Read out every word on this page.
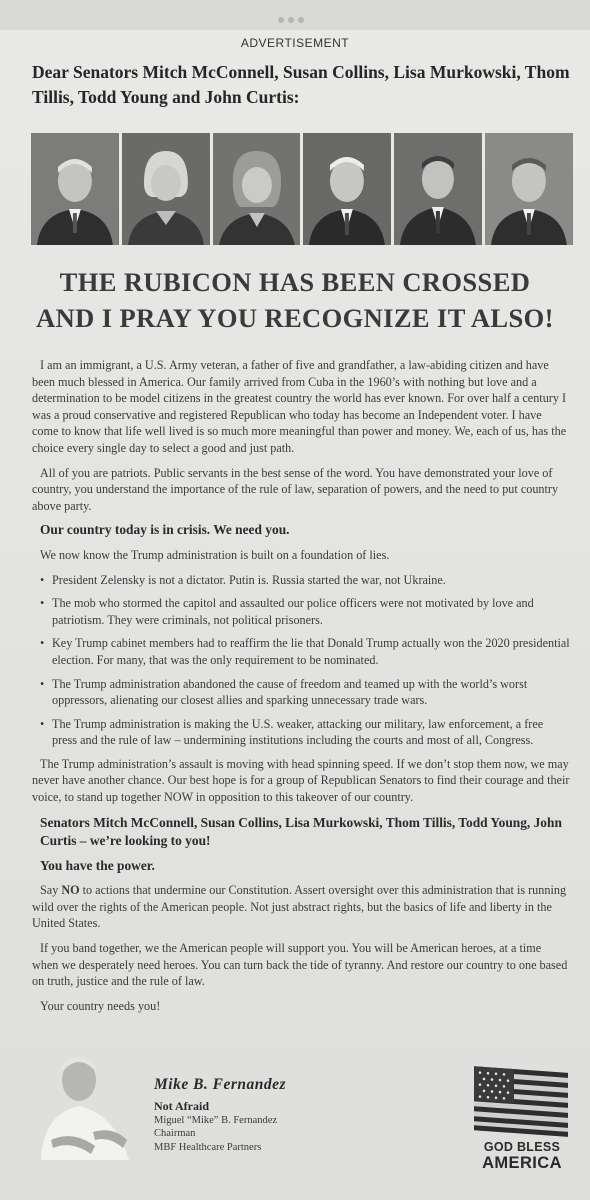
ADVERTISEMENT
Dear Senators Mitch McConnell, Susan Collins, Lisa Murkowski, Thom Tillis, Todd Young and John Curtis:
THE RUBICON HAS BEEN CROSSED
AND I PRAY YOU RECOGNIZE IT ALSO!

I am an immigrant, a U.S. Army veteran, a father of five and grandfather, a law-abiding citizen and have been much blessed in America. Our family arrived from Cuba in the 1960’s with nothing but love and a determination to be model citizens in the greatest country the world has ever known. For over half a century I was a proud conservative and registered Republican who today has become an Independent voter. I have come to know that life well lived is so much more meaningful than power and money. We, each of us, has the choice every single day to select a good and just path.

All of you are patriots. Public servants in the best sense of the word. You have demonstrated your love of country, you understand the importance of the rule of law, separation of powers, and the need to put country above party.

Our country today is in crisis. We need you.

We now know the Trump administration is built on a foundation of lies.

• President Zelensky is not a dictator. Putin is. Russia started the war, not Ukraine.
• The mob who stormed the capitol and assaulted our police officers were not motivated by love and patriotism. They were criminals, not political prisoners.
• Key Trump cabinet members had to reaffirm the lie that Donald Trump actually won the 2020 presidential election. For many, that was the only requirement to be nominated.
• The Trump administration abandoned the cause of freedom and teamed up with the world’s worst oppressors, alienating our closest allies and sparking unnecessary trade wars.
• The Trump administration is making the U.S. weaker, attacking our military, law enforcement, a free press and the rule of law – undermining institutions including the courts and most of all, Congress.

The Trump administration’s assault is moving with head spinning speed. If we don’t stop them now, we may never have another chance. Our best hope is for a group of Republican Senators to find their courage and their voice, to stand up together NOW in opposition to this takeover of our country.

Senators Mitch McConnell, Susan Collins, Lisa Murkowski, Thom Tillis, Todd Young, John Curtis – we’re looking to you!

You have the power.

Say NO to actions that undermine our Constitution. Assert oversight over this administration that is running wild over the rights of the American people. Not just abstract rights, but the basics of life and liberty in the United States.

If you band together, we the American people will support you. You will be American heroes, at a time when we desperately need heroes. You can turn back the tide of tyranny. And restore our country to one based on truth, justice and the rule of law.

Your country needs you!

Mike B. Fernandez
Not Afraid
Miguel “Mike” B. Fernandez
Chairman
MBF Healthcare Partners	GOD BLESS
AMERICA
